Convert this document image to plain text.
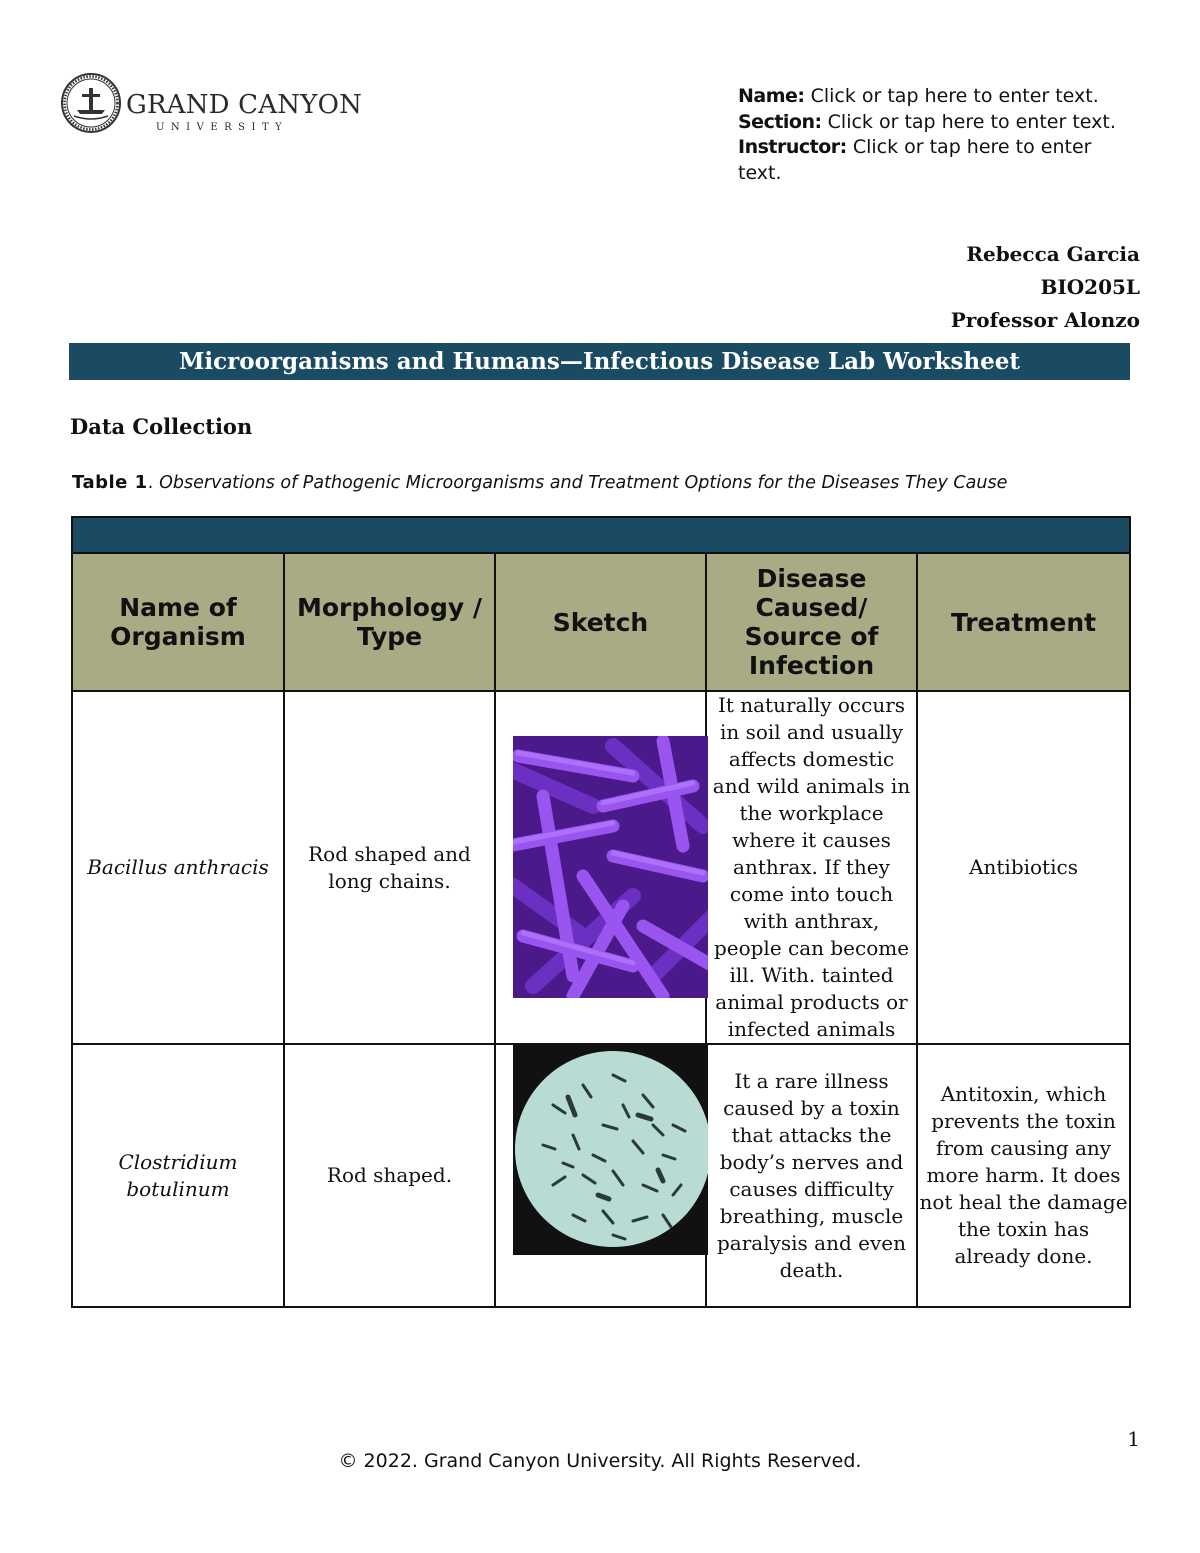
GRAND CANYON
UNIVERSITY
Name: Click or tap here to enter text.
Section: Click or tap here to enter text.
Instructor: Click or tap here to enter text.
Rebecca Garcia
BIO205L
Professor Alonzo
Microorganisms and Humans—Infectious Disease Lab Worksheet
Data Collection
Table 1. Observations of Pathogenic Microorganisms and Treatment Options for the Diseases They Cause

Name of Organism	Morphology / Type	Sketch	Disease Caused/ Source of Infection	Treatment
Bacillus anthracis	Rod shaped and long chains.		It naturally occurs in soil and usually affects domestic and wild animals in the workplace where it causes anthrax. If they come into touch with anthrax, people can become ill. With. tainted animal products or infected animals	Antibiotics
Clostridium botulinum	Rod shaped.		It a rare illness caused by a toxin that attacks the body’s nerves and causes difficulty breathing, muscle paralysis and even death.	Antitoxin, which prevents the toxin from causing any more harm. It does not heal the damage the toxin has already done.
1
© 2022. Grand Canyon University. All Rights Reserved.
